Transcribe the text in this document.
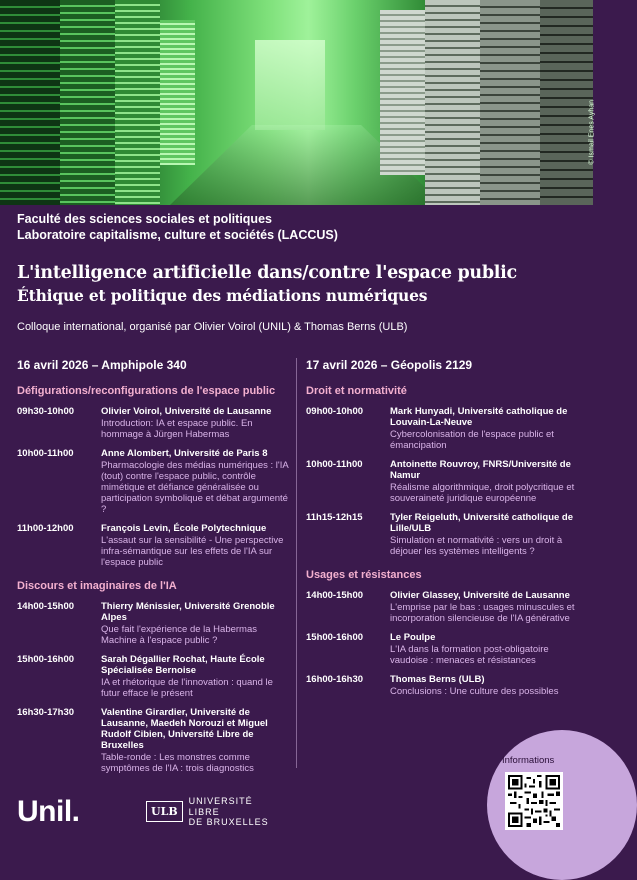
© Ismail Enes Ayhan
Faculté des sciences sociales et politiques
Laboratoire capitalisme, culture et sociétés (LACCUS)
L'intelligence artificielle dans/contre l'espace public
Éthique et politique des médiations numériques
Colloque international, organisé par Olivier Voirol (UNIL) & Thomas Berns (ULB)
16 avril 2026 – Amphipole 340
Défigurations/reconfigurations de l'espace public
09h30-10h00	Olivier Voirol, Université de Lausanne
Introduction: IA et espace public. En hommage à Jürgen Habermas
10h00-11h00	Anne Alombert, Université de Paris 8
Pharmacologie des médias numériques : l'IA (tout) contre l'espace public, contrôle mimétique et défiance généralisée ou participation symbolique et débat argumenté ?
11h00-12h00	François Levin, École Polytechnique
L'assaut sur la sensibilité - Une perspective infra-sémantique sur les effets de l'IA sur l'espace public
Discours et imaginaires de l'IA
14h00-15h00	Thierry Ménissier, Université Grenoble Alpes
Que fait l'expérience de la Habermas Machine à l'espace public ?
15h00-16h00	Sarah Dégallier Rochat, Haute École Spécialisée Bernoise
IA et rhétorique de l'innovation : quand le futur efface le présent
16h30-17h30	Valentine Girardier, Université de Lausanne, Maedeh Norouzi et Miguel Rudolf Cibien, Université Libre de Bruxelles
Table-ronde : Les monstres comme symptômes de l'IA : trois diagnostics
17 avril 2026 – Géopolis 2129
Droit et normativité
09h00-10h00	Mark Hunyadi, Université catholique de Louvain-La-Neuve
Cybercolonisation de l'espace public et émancipation
10h00-11h00	Antoinette Rouvroy, FNRS/Université de Namur
Réalisme algorithmique, droit polycritique et souveraineté juridique européenne
11h15-12h15	Tyler Reigeluth, Université catholique de Lille/ULB
Simulation et normativité : vers un droit à déjouer les systèmes intelligents ?
Usages et résistances
14h00-15h00	Olivier Glassey, Université de Lausanne
L'emprise par le bas : usages minuscules et incorporation silencieuse de l'IA générative
15h00-16h00	Le Poulpe
L'IA dans la formation post-obligatoire vaudoise : menaces et résistances
16h00-16h30	Thomas Berns (ULB)
Conclusions : Une culture des possibles
Informations
Unil.	ULB
UNIVERSITÉ
LIBRE
DE BRUXELLES
